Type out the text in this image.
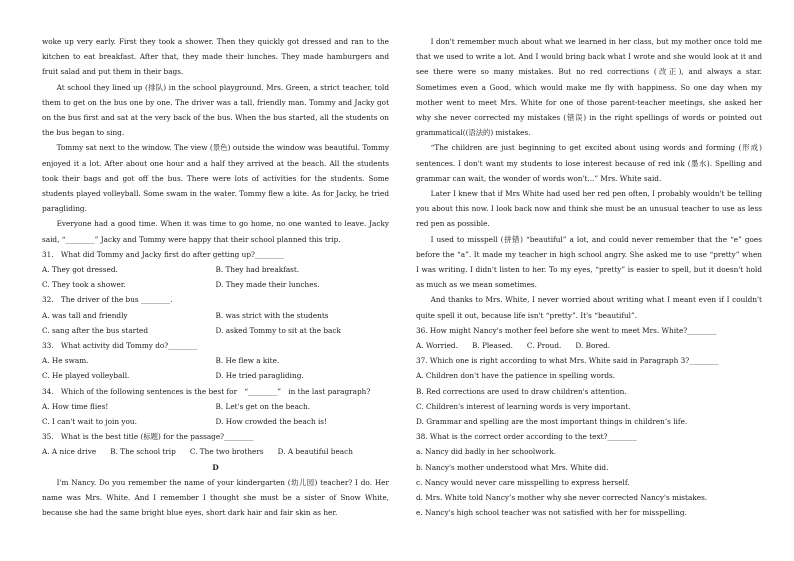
woke up very early. First they took a shower. Then they quickly got dressed and ran to the kitchen to eat breakfast. After that, they made their lunches. They made hamburgers and fruit salad and put them in their bags.

At school they lined up (排队) in the school playground. Mrs. Green, a strict teacher, told them to get on the bus one by one. The driver was a tall, friendly man. Tommy and Jacky got on the bus first and sat at the very back of the bus. When the bus started, all the students on the bus began to sing.

Tommy sat next to the window. The view (景色) outside the window was beautiful. Tommy enjoyed it a lot. After about one hour and a half they arrived at the beach. All the students took their bags and got off the bus. There were lots of activities for the students. Some students played volleyball. Some swam in the water. Tommy flew a kite. As for Jacky, he tried paragliding.

Everyone had a good time. When it was time to go home, no one wanted to leave. Jacky said, “________” Jacky and Tommy were happy that their school planned this trip.

31.　What did Tommy and Jacky first do after getting up?________

A. They got dressed.	B. They had breakfast.
C. They took a shower.	D. They made their lunches.

32.　The driver of the bus ________.

A. was tall and friendly	B. was strict with the students
C. sang after the bus started	D. asked Tommy to sit at the back

33.　What activity did Tommy do?________

A. He swam.	B. He flew a kite.
C. He played volleyball.	D. He tried paragliding.

34.　Which of the following sentences is the best for　“________”　in the last paragraph?

A. How time flies!	B. Let's get on the beach.
C. I can't wait to join you.	D. How crowded the beach is!

35.　What is the best title (标题) for the passage?________

A. A nice drive B. The school trip C. The two brothers D. A beautiful beach

D

I'm Nancy. Do you remember the name of your kindergarten (幼儿园) teacher? I do. Her name was Mrs. White. And I remember I thought she must be a sister of Snow White, because she had the same bright blue eyes, short dark hair and fair skin as her.

I don't remember much about what we learned in her class, but my mother once told me that we used to write a lot. And I would bring back what I wrote and she would look at it and see there were so many mistakes. But no red corrections (改正), and always a star. Sometimes even a Good, which would make me fly with happiness. So one day when my mother went to meet Mrs. White for one of those parent-teacher meetings, she asked her why she never corrected my mistakes (错误) in the right spellings of words or pointed out grammatical((语法的) mistakes.

“The children are just beginning to get excited about using words and forming (形成) sentences. I don't want my students to lose interest because of red ink (墨水). Spelling and grammar can wait, the wonder of words won't...” Mrs. White said.

Later I knew that if Mrs White had used her red pen often, I probably wouldn't be telling you about this now. I look back now and think she must be an unusual teacher to use as less red pen as possible.

I used to misspell (拼错) “beautiful” a lot, and could never remember that the “e” goes before the “a”. It made my teacher in high school angry. She asked me to use “pretty” when I was writing. I didn't listen to her. To my eyes, “pretty” is easier to spell, but it doesn't hold as much as we mean sometimes.

And thanks to Mrs. White, I never worried about writing what I meant even if I couldn't quite spell it out, because life isn't “pretty”. It's “beautiful”.

36. How might Nancy's mother feel before she went to meet Mrs. White?________

A. Worried. B. Pleased. C. Proud. D. Bored.

37. Which one is right according to what Mrs. White said in Paragraph 3?________

A. Children don't have the patience in spelling words.

B. Red corrections are used to draw children's attention.

C. Children's interest of learning words is very important.

D. Grammar and spelling are the most important things in children’s life.

38. What is the correct order according to the text?________

a. Nancy did badly in her schoolwork.

b. Nancy's mother understood what Mrs. White did.

c. Nancy would never care misspelling to express herself.

d. Mrs. White told Nancy’s mother why she never corrected Nancy's mistakes.

e. Nancy's high school teacher was not satisfied with her for misspelling.
